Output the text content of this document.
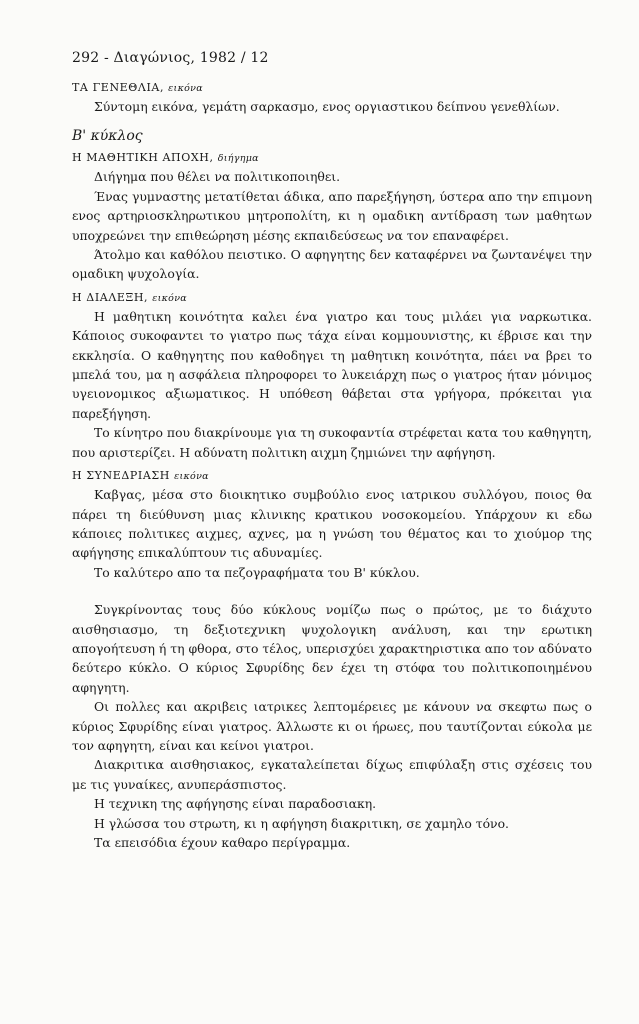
292 - Διαγώνιος, 1982 / 12
ΤΑ ΓΕΝΕΘΛΙΑ, εικόνα

Σύντομη εικόνα, γεμάτη σαρκασμο, ενος οργιαστικου δείπνου γενεθλίων.

Β' κύκλος
Η ΜΑΘΗΤΙΚΗ ΑΠΟΧΗ, διήγημα

Διήγημα που θέλει να πολιτικοποιηθει.

Ένας γυμναστης μετατίθεται άδικα, απο παρεξήγηση, ύστερα απο την επιμονη ενος αρτηριοσκληρωτικου μητροπολίτη, κι η ομαδικη αντίδραση των μαθητων υποχρεώνει την επιθεώρηση μέσης εκπαιδεύσεως να τον επαναφέρει.

Άτολμο και καθόλου πειστικο. Ο αφηγητης δεν καταφέρνει να ζωντανέψει την ομαδικη ψυχολογία.

Η ΔΙΑΛΕΞΗ, εικόνα

Η μαθητικη κοινότητα καλει ένα γιατρο και τους μιλάει για ναρκωτικα. Κάποιος συκοφαντει το γιατρο πως τάχα είναι κομμουνιστης, κι έβρισε και την εκκλησία. Ο καθηγητης που καθοδηγει τη μαθητικη κοινότητα, πάει να βρει το μπελά του, μα η ασφάλεια πληροφορει το λυκειάρχη πως ο γιατρος ήταν μόνιμος υγειονομικος αξιωματικος. Η υπόθεση θάβεται στα γρήγορα, πρόκειται για παρεξήγηση.

Το κίνητρο που διακρίνουμε για τη συκοφαντία στρέφεται κατα του καθηγητη, που αριστερίζει. Η αδύνατη πολιτικη αιχμη ζημιώνει την αφήγηση.

Η ΣΥΝΕΔΡΙΑΣΗ εικόνα

Καβγας, μέσα στο διοικητικο συμβούλιο ενος ιατρικου συλλόγου, ποιος θα πάρει τη διεύθυνση μιας κλινικης κρατικου νοσοκομείου. Υπάρχουν κι εδω κάποιες πολιτικες αιχμες, αχνες, μα η γνώση του θέματος και το χιούμορ της αφήγησης επικαλύπτουν τις αδυναμίες.

Το καλύτερο απο τα πεζογραφήματα του Β' κύκλου.

Συγκρίνοντας τους δύο κύκλους νομίζω πως ο πρώτος, με το διάχυτο αισθησιασμο, τη δεξιοτεχνικη ψυχολογικη ανάλυση, και την ερωτικη απογοήτευση ή τη φθορα, στο τέλος, υπερισχύει χαρακτηριστικα απο τον αδύνατο δεύτερο κύκλο. Ο κύριος Σφυρίδης δεν έχει τη στόφα του πολιτικοποιημένου αφηγητη.

Οι πολλες και ακριβεις ιατρικες λεπτομέρειες με κάνουν να σκεφτω πως ο κύριος Σφυρίδης είναι γιατρος. Άλλωστε κι οι ήρωες, που ταυτίζονται εύκολα με τον αφηγητη, είναι και κείνοι γιατροι.

Διακριτικα αισθησιακος, εγκαταλείπεται δίχως επιφύλαξη στις σχέσεις του με τις γυναίκες, ανυπεράσπιστος.

Η τεχνικη της αφήγησης είναι παραδοσιακη.

Η γλώσσα του στρωτη, κι η αφήγηση διακριτικη, σε χαμηλο τόνο.

Τα επεισόδια έχουν καθαρο περίγραμμα.
